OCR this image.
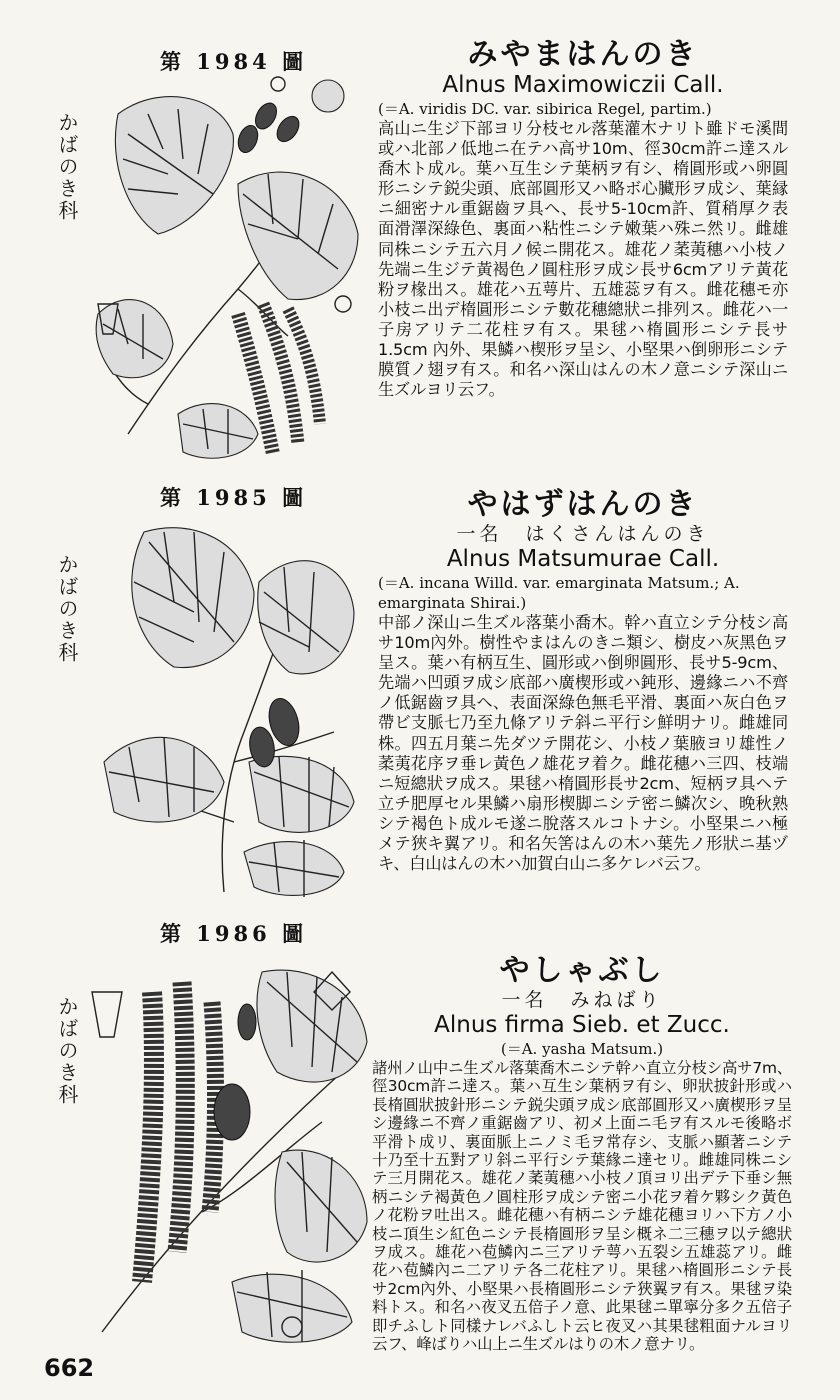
第 1984 圖
かばのき科
みやまはんのき
Alnus Maximowiczii Call.
(＝A. viridis DC. var. sibirica Regel, partim.)
高山ニ生ジ下部ヨリ分枝セル落葉灌木ナリト雖ドモ溪間或ハ北部ノ低地ニ在テハ高サ10m、徑30cm許ニ達スル喬木ト成ル。葉ハ互生シテ葉柄ヲ有シ、楕圓形或ハ卵圓形ニシテ鋭尖頭、底部圓形又ハ略ボ心臟形ヲ成シ、葉縁ニ細密ナル重鋸齒ヲ具ヘ、長サ5-10cm許、質稍厚ク表面滑澤深綠色、裏面ハ粘性ニシテ嫩葉ハ殊ニ然リ。雌雄同株ニシテ五六月ノ候ニ開花ス。雄花ノ葇荑穗ハ小枝ノ先端ニ生ジテ黃褐色ノ圓柱形ヲ成シ長サ6cmアリテ黃花粉ヲ椽出ス。雄花ハ五萼片、五雄蕊ヲ有ス。雌花穗モ亦小枝ニ出デ楕圓形ニシテ數花穗總狀ニ排列ス。雌花ハ一子房アリテ二花柱ヲ有ス。果毬ハ楕圓形ニシテ長サ 1.5cm 內外、果鱗ハ楔形ヲ呈シ、小堅果ハ倒卵形ニシテ膜質ノ翅ヲ有ス。和名ハ深山はんの木ノ意ニシテ深山ニ生ズルヨリ云フ。
第 1985 圖
かばのき科
やはずはんのき
一名　はくさんはんのき
Alnus Matsumurae Call.
(＝A. incana Willd. var. emarginata Matsum.; A. emarginata Shirai.)
中部ノ深山ニ生ズル落葉小喬木。幹ハ直立シテ分枝シ高サ10m內外。樹性やまはんのきニ類シ、樹皮ハ灰黑色ヲ呈ス。葉ハ有柄互生、圓形或ハ倒卵圓形、長サ5-9cm、先端ハ凹頭ヲ成シ底部ハ廣楔形或ハ鈍形、邊緣ニハ不齊ノ低鋸齒ヲ具ヘ、表面深綠色無毛平滑、裏面ハ灰白色ヲ帶ビ支脈七乃至九條アリテ斜ニ平行シ鮮明ナリ。雌雄同株。四五月葉ニ先ダツテ開花シ、小枝ノ葉腋ヨリ雄性ノ葇荑花序ヲ垂レ黃色ノ雄花ヲ着ク。雌花穗ハ三四、枝端ニ短總狀ヲ成ス。果毬ハ楕圓形長サ2cm、短柄ヲ具ヘテ立チ肥厚セル果鱗ハ扇形楔脚ニシテ密ニ鱗次シ、晚秋熟シテ褐色ト成ルモ遂ニ脫落スルコトナシ。小堅果ニハ極メテ狹キ翼アリ。和名矢筈はんの木ハ葉先ノ形狀ニ基ヅキ、白山はんの木ハ加賀白山ニ多ケレバ云フ。
第 1986 圖
かばのき科
やしゃぶし
一名　みねばり
Alnus firma Sieb. et Zucc.
(＝A. yasha Matsum.)
諸州ノ山中ニ生ズル落葉喬木ニシテ幹ハ直立分枝シ高サ7m、徑30cm許ニ達ス。葉ハ互生シ葉柄ヲ有シ、卵狀披針形或ハ長楕圓狀披針形ニシテ鋭尖頭ヲ成シ底部圓形又ハ廣楔形ヲ呈シ邊緣ニ不齊ノ重鋸齒アリ、初メ上面ニ毛ヲ有スルモ後略ボ平滑ト成リ、裏面脈上ニノミ毛ヲ常存シ、支脈ハ顯著ニシテ十乃至十五對アリ斜ニ平行シテ葉緣ニ達セリ。雌雄同株ニシテ三月開花ス。雄花ノ葇荑穗ハ小枝ノ頂ヨリ出デテ下垂シ無柄ニシテ褐黃色ノ圓柱形ヲ成シテ密ニ小花ヲ着ケ夥シク黃色ノ花粉ヲ吐出ス。雌花穗ハ有柄ニシテ雄花穗ヨリハ下方ノ小枝ニ頂生シ紅色ニシテ長楕圓形ヲ呈シ概ネ二三穗ヲ以テ總狀ヲ成ス。雄花ハ苞鱗內ニ三アリテ萼ハ五裂シ五雄蕊アリ。雌花ハ苞鱗內ニ二アリテ各二花柱アリ。果毬ハ楕圓形ニシテ長サ2cm內外、小堅果ハ長楕圓形ニシテ狹翼ヲ有ス。果毬ヲ染料トス。和名ハ夜叉五倍子ノ意、此果毬ニ單寧分多ク五倍子即チふしト同樣ナレバふしト云ヒ夜叉ハ其果毬粗面ナルヨリ云フ、峰ばりハ山上ニ生ズルはりの木ノ意ナリ。
662
